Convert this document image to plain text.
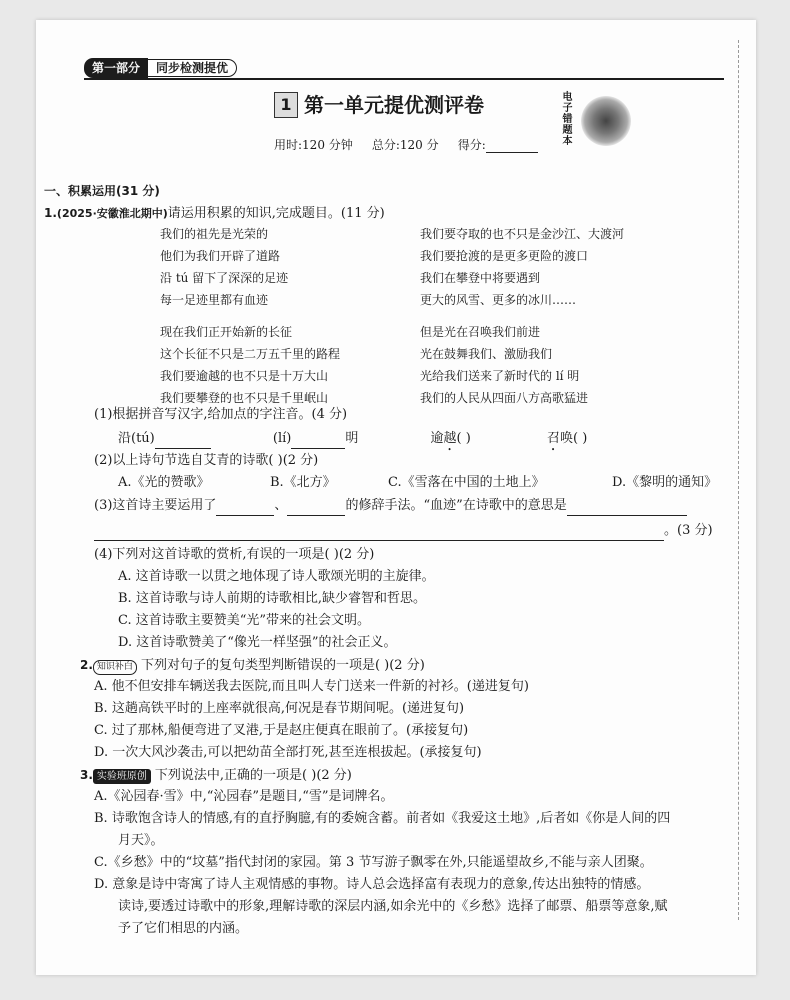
第一部分	同步检测提优
1 第一单元提优测评卷	电子错题本
用时:120 分钟 总分:120 分 得分:
一、积累运用(31 分)
1.(2025·安徽淮北期中)请运用积累的知识,完成题目。(11 分)
我们的祖先是光荣的
他们为我们开辟了道路
沿 tú 留下了深深的足迹
每一足迹里都有血迹
现在我们正开始新的长征
这个长征不只是二万五千里的路程
我们要逾越的也不只是十万大山
我们要攀登的也不只是千里岷山
我们要夺取的也不只是金沙江、大渡河
我们要抢渡的是更多更险的渡口
我们在攀登中将要遇到
更大的风雪、更多的冰川……
但是光在召唤我们前进
光在鼓舞我们、激励我们
光给我们送来了新时代的 lí 明
我们的人民从四面八方高歌猛进
(1)根据拼音写汉字,给加点的字注音。(4 分)
沿(tú)	(lí)	明	逾越( )	召唤( )
(2)以上诗句节选自艾青的诗歌( )(2 分)
A.《光的赞歌》	B.《北方》	C.《雪落在中国的土地上》	D.《黎明的通知》
(3)这首诗主要运用了	、	的修辞手法。“血迹”在诗歌中的意思是
。(3 分)
(4)下列对这首诗歌的赏析,有误的一项是( )(2 分)
A. 这首诗歌一以贯之地体现了诗人歌颂光明的主旋律。
B. 这首诗歌与诗人前期的诗歌相比,缺少睿智和哲思。
C. 这首诗歌主要赞美“光”带来的社会文明。
D. 这首诗歌赞美了“像光一样坚强”的社会正义。
2. 知识补白 下列对句子的复句类型判断错误的一项是( )(2 分)
A. 他不但安排车辆送我去医院,而且叫人专门送来一件新的衬衫。(递进复句)
B. 这趟高铁平时的上座率就很高,何况是春节期间呢。(递进复句)
C. 过了那林,船便弯进了叉港,于是赵庄便真在眼前了。(承接复句)
D. 一次大风沙袭击,可以把幼苗全部打死,甚至连根拔起。(承接复句)
3. 实验班原创 下列说法中,正确的一项是( )(2 分)
A.《沁园春·雪》中,“沁园春”是题目,“雪”是词牌名。
B. 诗歌饱含诗人的情感,有的直抒胸臆,有的委婉含蓄。前者如《我爱这土地》,后者如《你是人间的四
月天》。
C.《乡愁》中的“坟墓”指代封闭的家园。第 3 节写游子飘零在外,只能遥望故乡,不能与亲人团聚。
D. 意象是诗中寄寓了诗人主观情感的事物。诗人总会选择富有表现力的意象,传达出独特的情感。
读诗,要透过诗歌中的形象,理解诗歌的深层内涵,如余光中的《乡愁》选择了邮票、船票等意象,赋
予了它们相思的内涵。
